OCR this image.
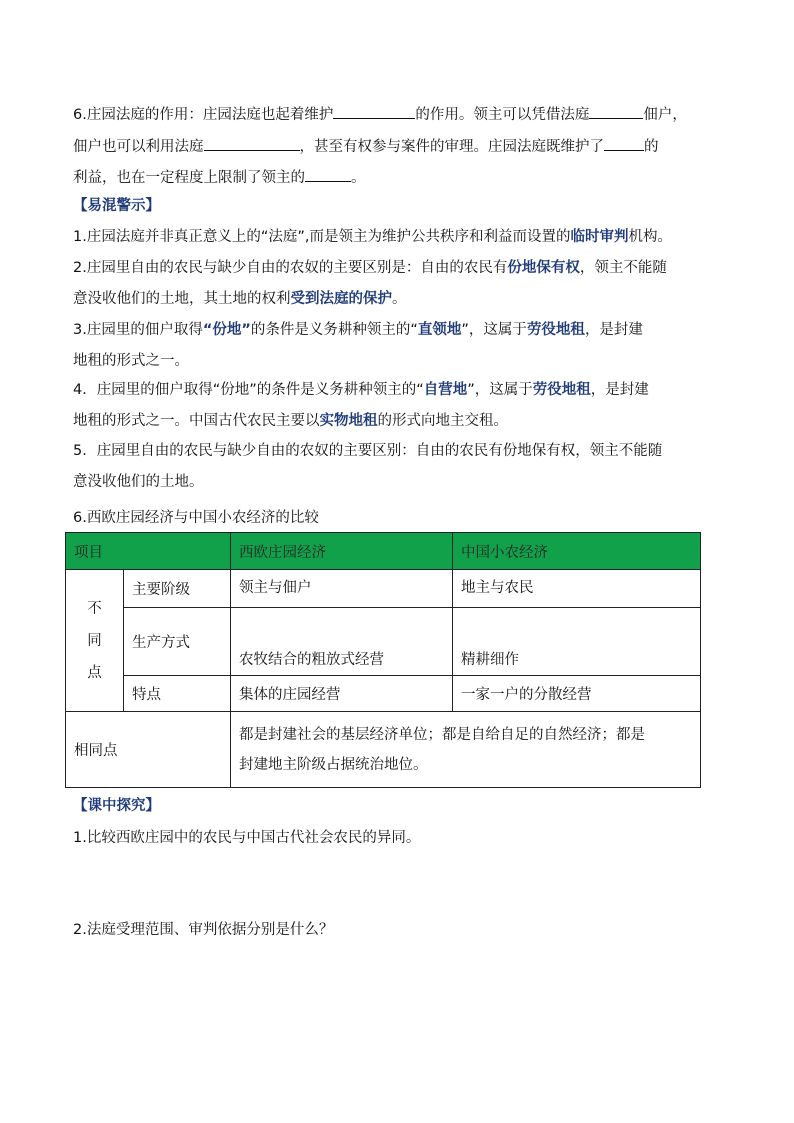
6.庄园法庭的作用：庄园法庭也起着维护	的作用。领主可以凭借法庭	佃户，
佃户也可以利用法庭	，甚至有权参与案件的审理。庄园法庭既维护了	的
利益，也在一定程度上限制了领主的	。
【易混警示】
1.庄园法庭并非真正意义上的“法庭”,而是领主为维护公共秩序和利益而设置的临时审判机构。
2.庄园里自由的农民与缺少自由的农奴的主要区别是：自由的农民有份地保有权，领主不能随
意没收他们的土地，其土地的权利受到法庭的保护。
3.庄园里的佃户取得“份地”的条件是义务耕种领主的“直领地”，这属于劳役地租，是封建
地租的形式之一。
4．庄园里的佃户取得“份地”的条件是义务耕种领主的“自营地”，这属于劳役地租，是封建
地租的形式之一。中国古代农民主要以实物地租的形式向地主交租。
5．庄园里自由的农民与缺少自由的农奴的主要区别：自由的农民有份地保有权，领主不能随
意没收他们的土地。
6.西欧庄园经济与中国小农经济的比较
项目		西欧庄园经济	中国小农经济

不
同
点	主要阶级	领主与佃户	地主与农民
	生产方式	农牧结合的粗放式经营	精耕细作
	特点	集体的庄园经营	一家一户的分散经营
相同点		都是封建社会的基层经济单位；都是自给自足的自然经济；都是
封建地主阶级占据统治地位。	
【课中探究】
1.比较西欧庄园中的农民与中国古代社会农民的异同。
2.法庭受理范围、审判依据分别是什么？
